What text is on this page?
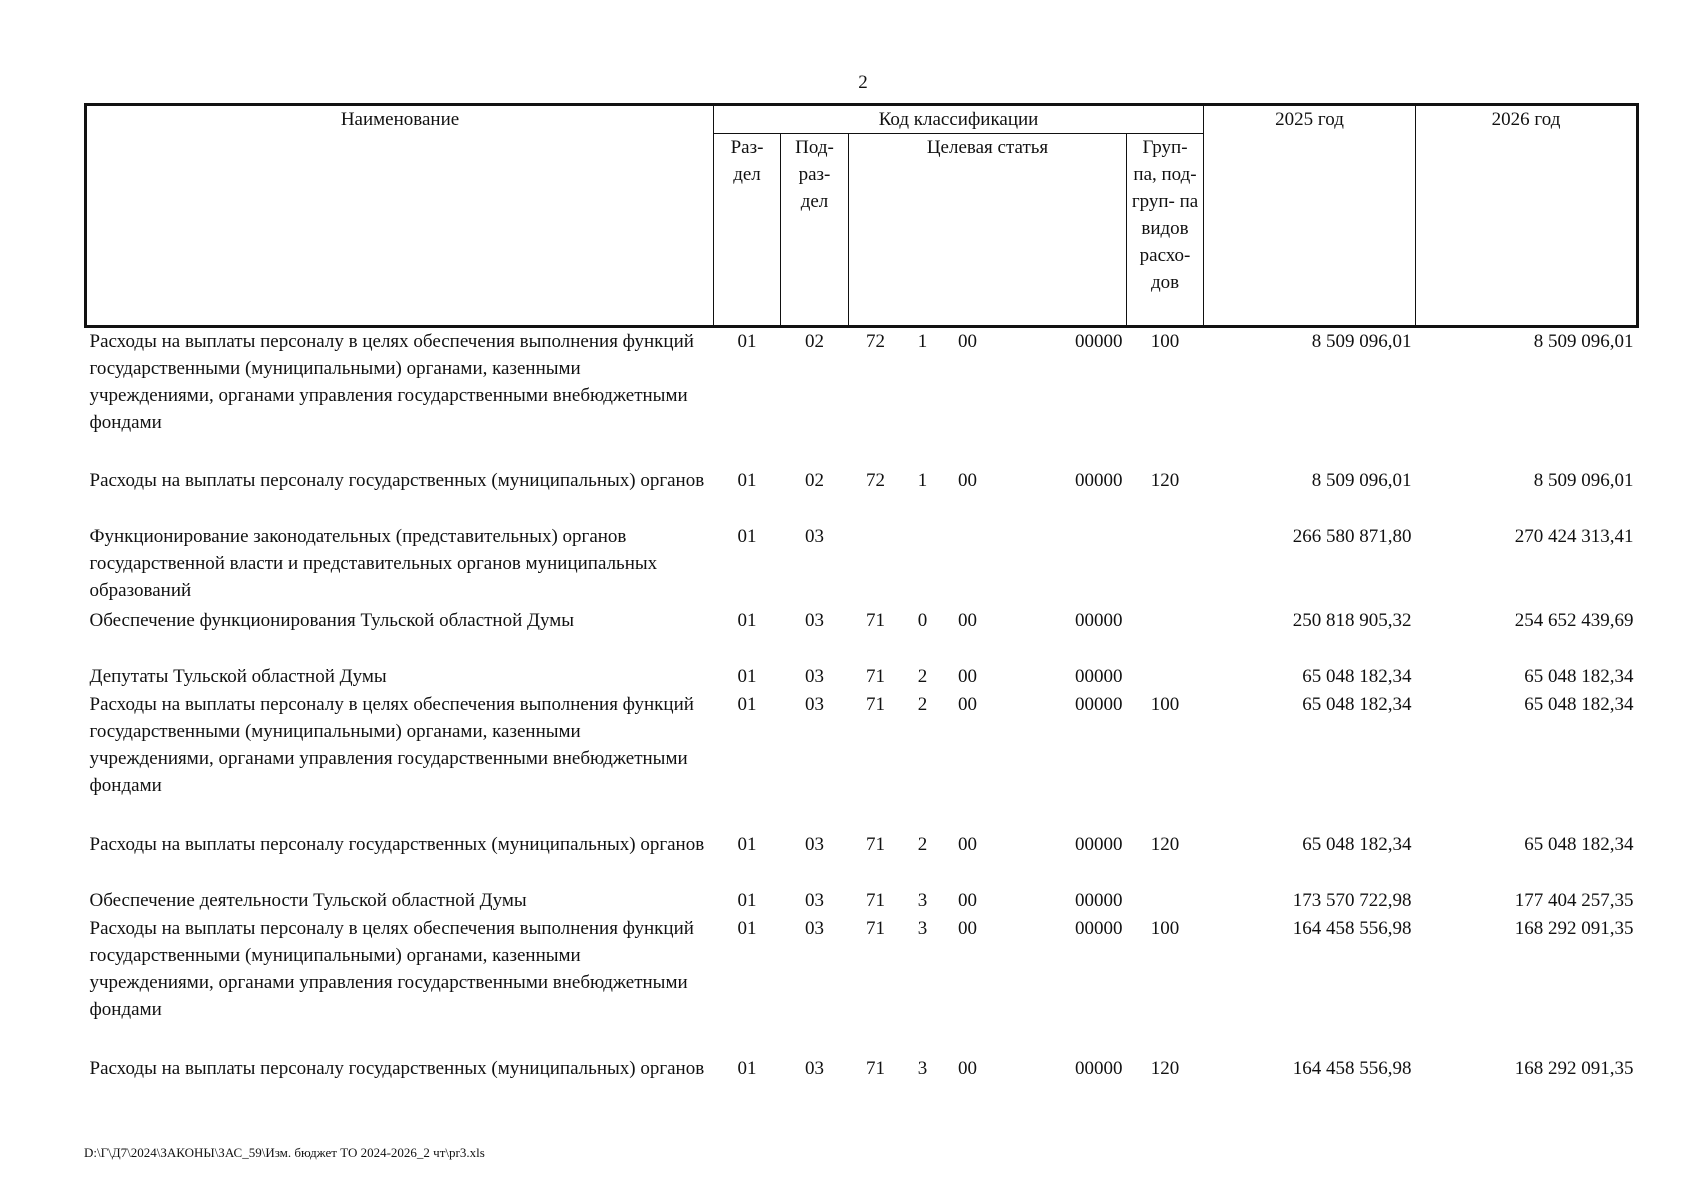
2
Наименование	Код классификации							2025 год	2026 год
	Раз- дел	Под- раз- дел	Целевая статья				Груп- па, под- груп- па видов расхо- дов		
Расходы на выплаты персоналу в целях обеспечения выполнения функций государственными (муниципальными) органами, казенными учреждениями, органами управления государственными внебюджетными фондами	01	02	72	1	00	00000	100	8 509 096,01	8 509 096,01
Расходы на выплаты персоналу государственных (муниципальных) органов	01	02	72	1	00	00000	120	8 509 096,01	8 509 096,01
Функционирование законодательных (представительных) органов государственной власти и представительных органов муниципальных образований	01	03						266 580 871,80	270 424 313,41
Обеспечение функционирования Тульской областной Думы	01	03	71	0	00	00000		250 818 905,32	254 652 439,69
Депутаты Тульской областной Думы	01	03	71	2	00	00000		65 048 182,34	65 048 182,34
Расходы на выплаты персоналу в целях обеспечения выполнения функций государственными (муниципальными) органами, казенными учреждениями, органами управления государственными внебюджетными фондами	01	03	71	2	00	00000	100	65 048 182,34	65 048 182,34
Расходы на выплаты персоналу государственных (муниципальных) органов	01	03	71	2	00	00000	120	65 048 182,34	65 048 182,34
Обеспечение деятельности Тульской областной Думы	01	03	71	3	00	00000		173 570 722,98	177 404 257,35
Расходы на выплаты персоналу в целях обеспечения выполнения функций государственными (муниципальными) органами, казенными учреждениями, органами управления государственными внебюджетными фондами	01	03	71	3	00	00000	100	164 458 556,98	168 292 091,35
Расходы на выплаты персоналу государственных (муниципальных) органов	01	03	71	3	00	00000	120	164 458 556,98	168 292 091,35
D:\Г\Д7\2024\ЗАКОНЫ\ЗАС_59\Изм. бюджет ТО 2024-2026_2 чт\pr3.xls
